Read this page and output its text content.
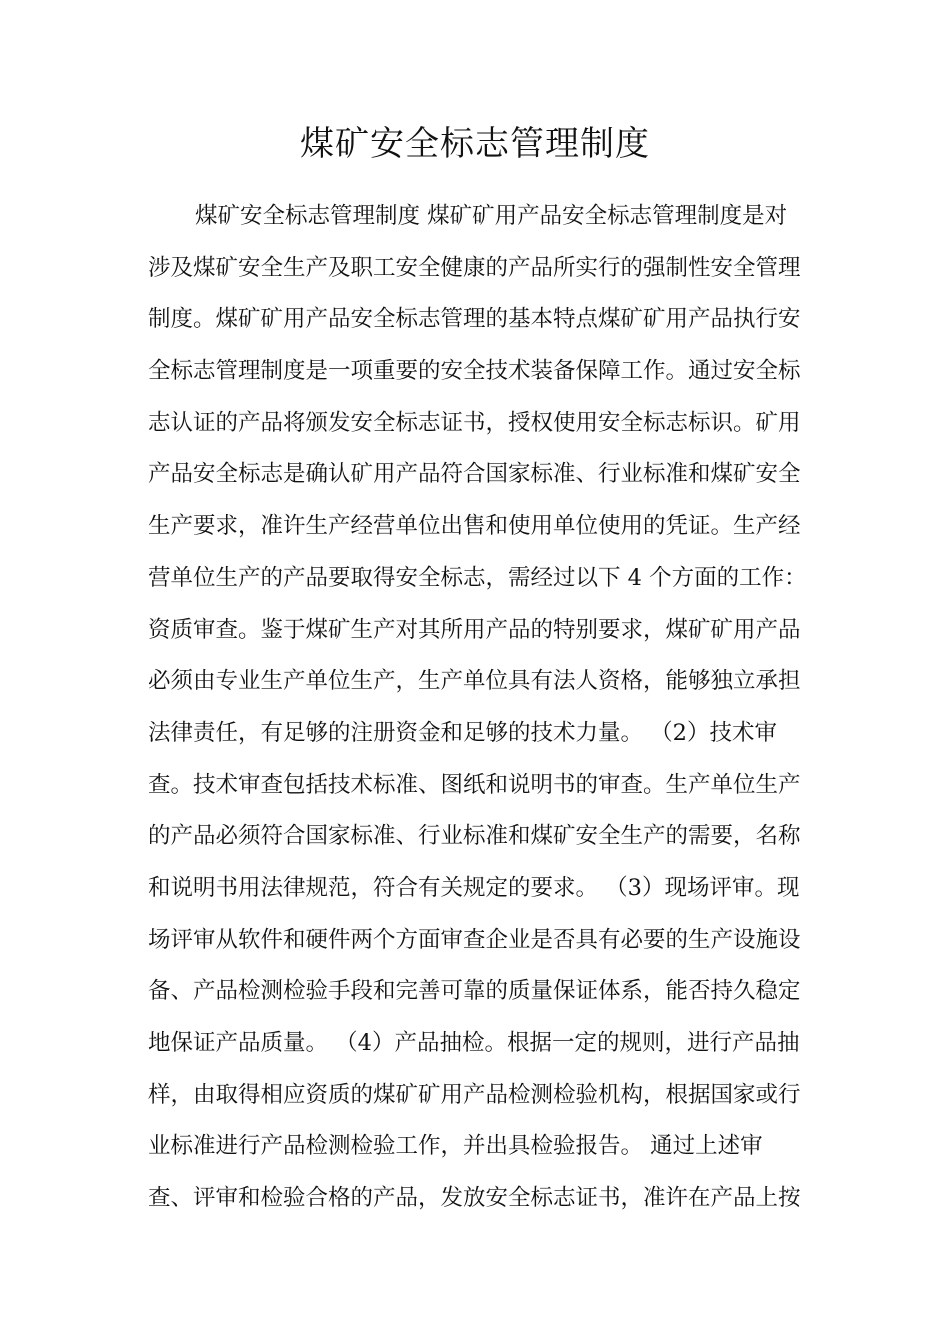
煤矿安全标志管理制度
煤矿安全标志管理制度 煤矿矿用产品安全标志管理制度是对
涉及煤矿安全生产及职工安全健康的产品所实行的强制性安全管理
制度。煤矿矿用产品安全标志管理的基本特点煤矿矿用产品执行安
全标志管理制度是一项重要的安全技术装备保障工作。通过安全标
志认证的产品将颁发安全标志证书，授权使用安全标志标识。矿用
产品安全标志是确认矿用产品符合国家标准、行业标准和煤矿安全
生产要求，准许生产经营单位出售和使用单位使用的凭证。生产经
营单位生产的产品要取得安全标志，需经过以下 4 个方面的工作：
资质审查。鉴于煤矿生产对其所用产品的特别要求，煤矿矿用产品
必须由专业生产单位生产，生产单位具有法人资格，能够独立承担
法律责任，有足够的注册资金和足够的技术力量。 （2）技术审
查。技术审查包括技术标准、图纸和说明书的审查。生产单位生产
的产品必须符合国家标准、行业标准和煤矿安全生产的需要，名称
和说明书用法律规范，符合有关规定的要求。 （3）现场评审。现
场评审从软件和硬件两个方面审查企业是否具有必要的生产设施设
备、产品检测检验手段和完善可靠的质量保证体系，能否持久稳定
地保证产品质量。 （4）产品抽检。根据一定的规则，进行产品抽
样，由取得相应资质的煤矿矿用产品检测检验机构，根据国家或行
业标准进行产品检测检验工作，并出具检验报告。 通过上述审
查、评审和检验合格的产品，发放安全标志证书，准许在产品上按
